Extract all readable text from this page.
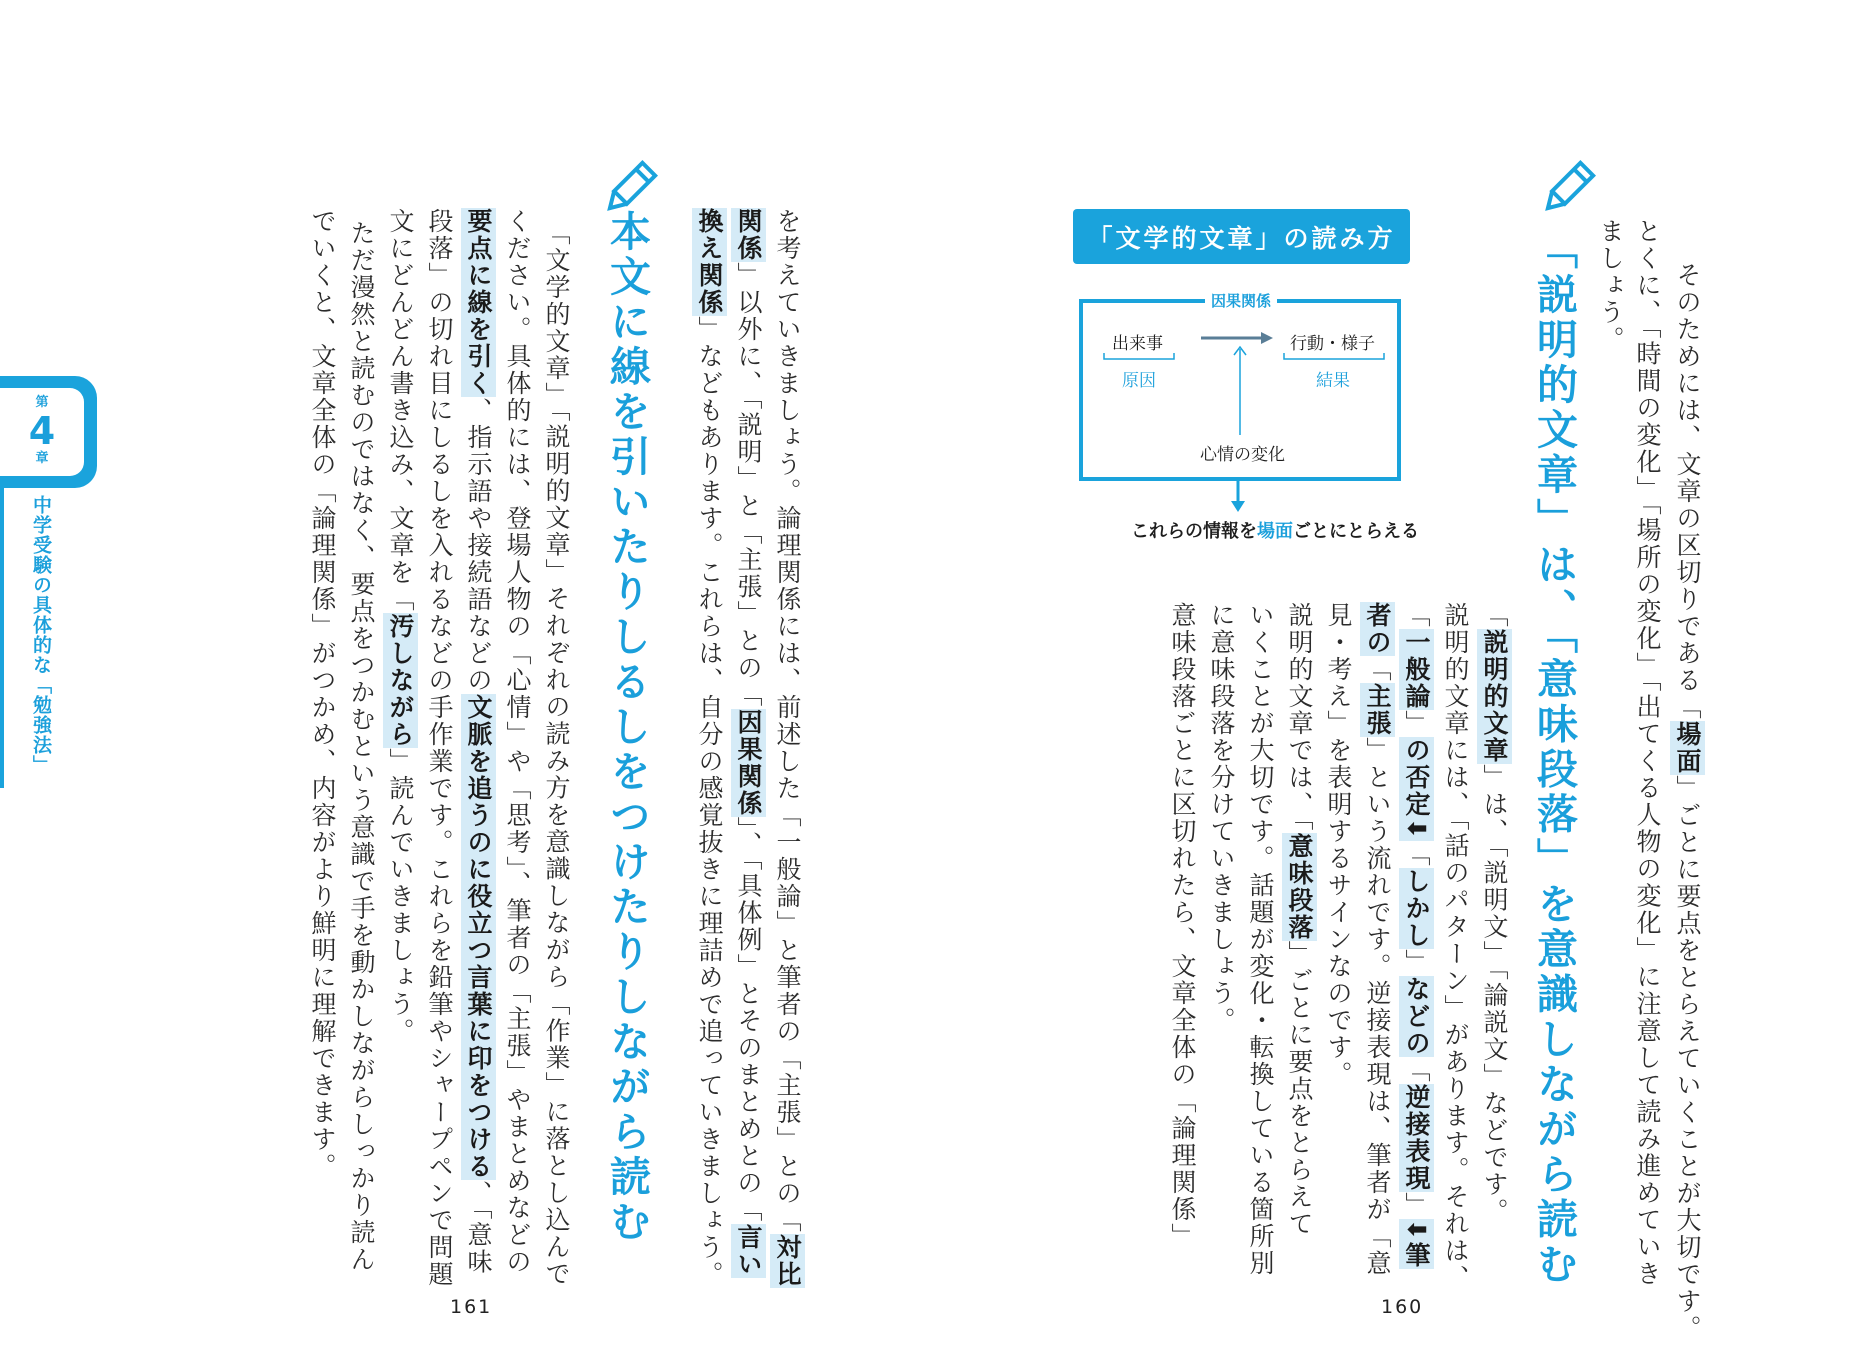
そのためには、文章の区切りである「場面」ごとに要点をとらえていくことが大切です。
とくに、「時間の変化」「場所の変化」「出てくる人物の変化」に注意して読み進めていき
ましょう。
「説明的文章」は、「意味段落」を意識しながら読む
「説明的文章」は、「説明文」「論説文」などです。
説明的文章には、「話のパターン」があります。それは、
「一般論」の否定⬇「しかし」などの「逆接表現」⬇筆
者の「主張」という流れです。逆接表現は、筆者が「意
見・考え」を表明するサインなのです。
説明的文章では、「意味段落」ごとに要点をとらえて
いくことが大切です。話題が変化・転換している箇所別
に意味段落を分けていきましょう。
意味段落ごとに区切れたら、文章全体の「論理関係」
「文学的文章」の読み方
因果関係
出来事
原因
行動・様子
結果
心情の変化
これらの情報を場面ごとにとらえる
160
を考えていきましょう。論理関係には、前述した「一般論」と筆者の「主張」との「対比
関係」以外に、「説明」と「主張」との「因果関係」、「具体例」とそのまとめとの「言い
換え関係」などもあります。これらは、自分の感覚抜きに理詰めで追っていきましょう。
本文に線を引いたりしるしをつけたりしながら読む
「文学的文章」「説明的文章」それぞれの読み方を意識しながら「作業」に落とし込んで
ください。具体的には、登場人物の「心情」や「思考」、筆者の「主張」やまとめなどの
要点に線を引く、指示語や接続語などの文脈を追うのに役立つ言葉に印をつける、「意味
段落」の切れ目にしるしを入れるなどの手作業です。これらを鉛筆やシャープペンで問題
文にどんどん書き込み、文章を「汚しながら」読んでいきましょう。
ただ漫然と読むのではなく、要点をつかむという意識で手を動かしながらしっかり読ん
でいくと、文章全体の「論理関係」がつかめ、内容がより鮮明に理解できます。
161
第
4
章
中学受験の具体的な「勉強法」
